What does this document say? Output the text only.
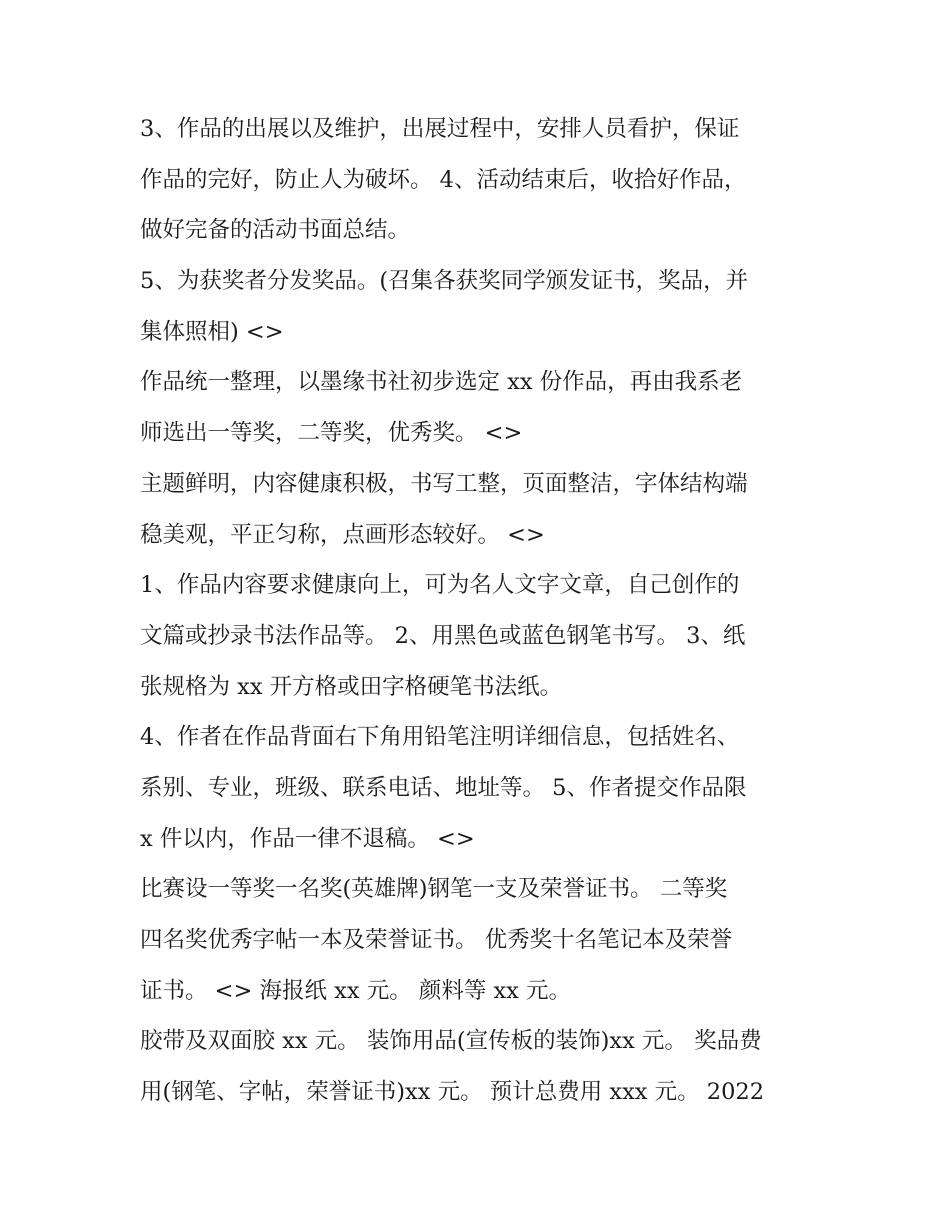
3、作品的出展以及维护，出展过程中，安排人员看护，保证
作品的完好，防止人为破坏。 4、活动结束后，收拾好作品，
做好完备的活动书面总结。
5、为获奖者分发奖品。(召集各获奖同学颁发证书，奖品，并
集体照相) <>
作品统一整理，以墨缘书社初步选定 xx 份作品，再由我系老
师选出一等奖，二等奖，优秀奖。 <>
主题鲜明，内容健康积极，书写工整，页面整洁，字体结构端
稳美观，平正匀称，点画形态较好。 <>
1、作品内容要求健康向上，可为名人文字文章，自己创作的
文篇或抄录书法作品等。 2、用黑色或蓝色钢笔书写。 3、纸
张规格为 xx 开方格或田字格硬笔书法纸。
4、作者在作品背面右下角用铅笔注明详细信息，包括姓名、
系别、专业，班级、联系电话、地址等。 5、作者提交作品限
x 件以内，作品一律不退稿。 <>
比赛设一等奖一名奖(英雄牌)钢笔一支及荣誉证书。 二等奖
四名奖优秀字帖一本及荣誉证书。 优秀奖十名笔记本及荣誉
证书。 <> 海报纸 xx 元。 颜料等 xx 元。
胶带及双面胶 xx 元。 装饰用品(宣传板的装饰)xx 元。 奖品费
用(钢笔、字帖，荣誉证书)xx 元。 预计总费用 xxx 元。 2022
